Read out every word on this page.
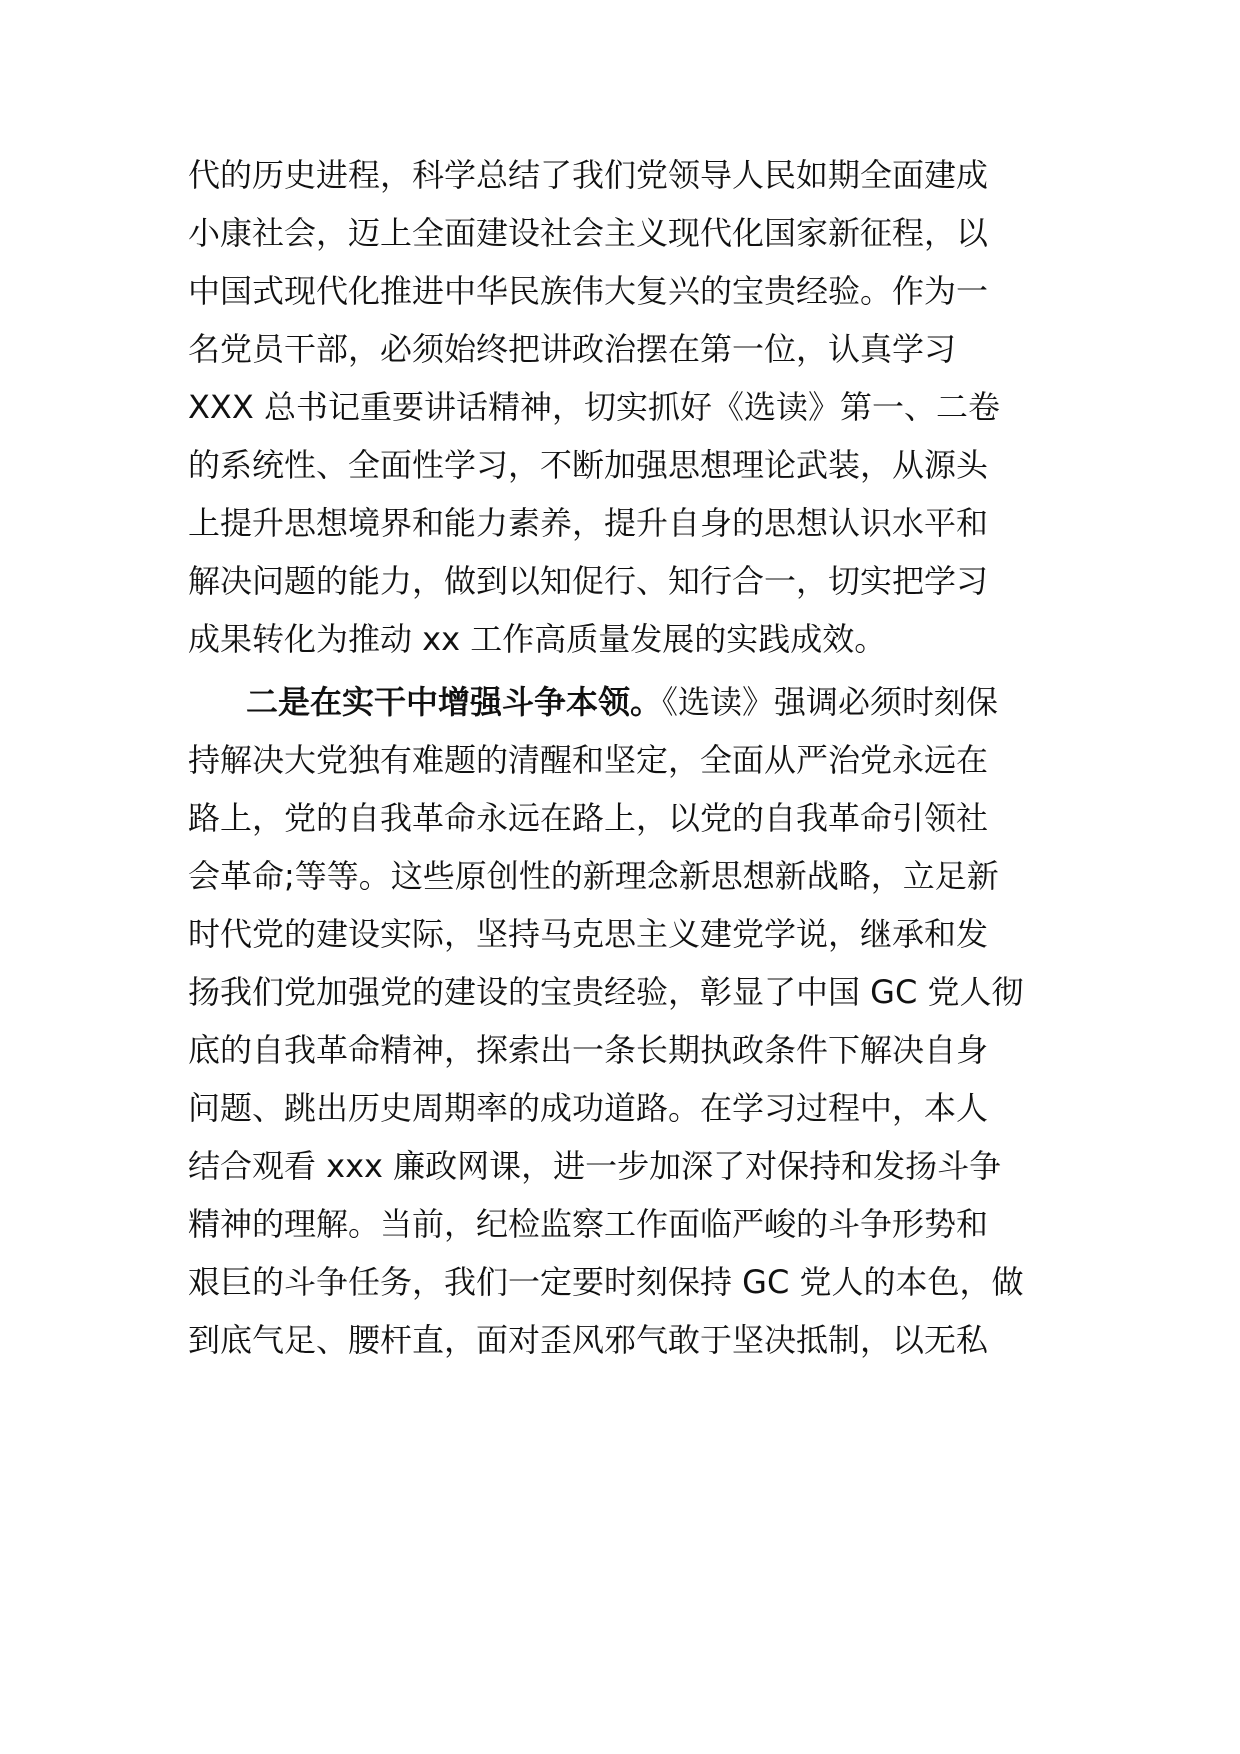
代的历史进程，科学总结了我们党领导人民如期全面建成
小康社会，迈上全面建设社会主义现代化国家新征程，以
中国式现代化推进中华民族伟大复兴的宝贵经验。作为一
名党员干部，必须始终把讲政治摆在第一位，认真学习
XXX 总书记重要讲话精神，切实抓好《选读》第一、二卷
的系统性、全面性学习，不断加强思想理论武装，从源头
上提升思想境界和能力素养，提升自身的思想认识水平和
解决问题的能力，做到以知促行、知行合一，切实把学习
成果转化为推动 xx 工作高质量发展的实践成效。
二是在实干中增强斗争本领。《选读》强调必须时刻保
持解决大党独有难题的清醒和坚定，全面从严治党永远在
路上，党的自我革命永远在路上，以党的自我革命引领社
会革命;等等。这些原创性的新理念新思想新战略，立足新
时代党的建设实际，坚持马克思主义建党学说，继承和发
扬我们党加强党的建设的宝贵经验，彰显了中国 GC 党人彻
底的自我革命精神，探索出一条长期执政条件下解决自身
问题、跳出历史周期率的成功道路。在学习过程中，本人
结合观看 xxx 廉政网课，进一步加深了对保持和发扬斗争
精神的理解。当前，纪检监察工作面临严峻的斗争形势和
艰巨的斗争任务，我们一定要时刻保持 GC 党人的本色，做
到底气足、腰杆直，面对歪风邪气敢于坚决抵制，以无私
